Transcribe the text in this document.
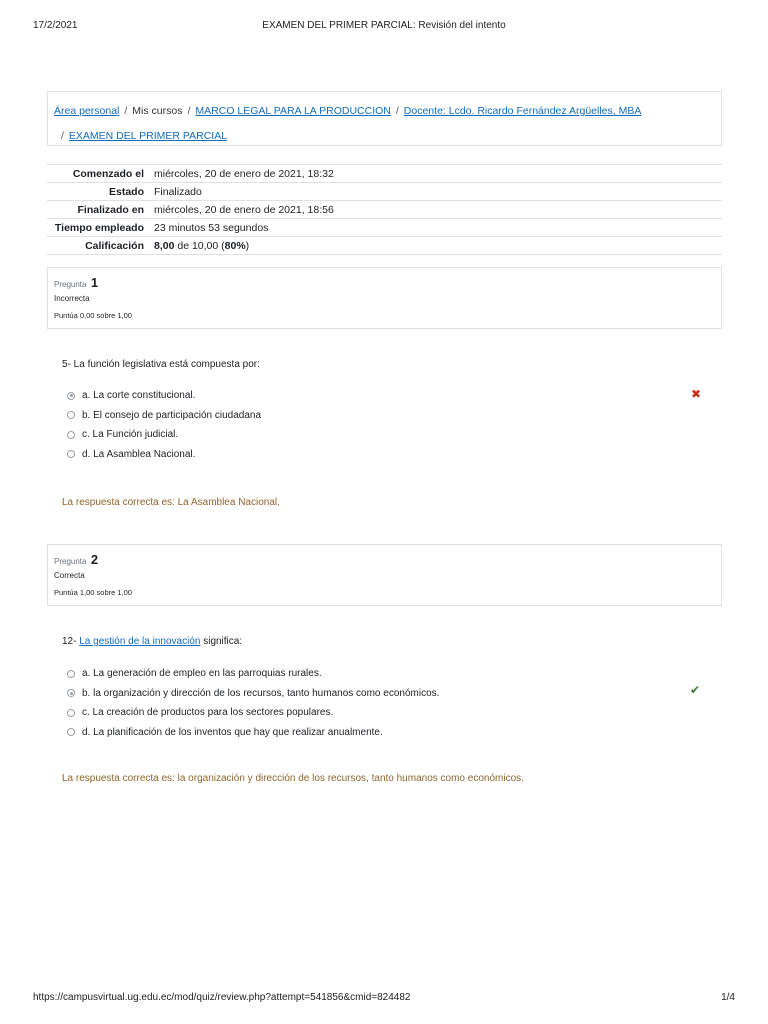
17/2/2021	EXAMEN DEL PRIMER PARCIAL: Revisión del intento
Área personal / Mis cursos / MARCO LEGAL PARA LA PRODUCCION / Docente: Lcdo. Ricardo Fernández Argüelles, MBA
/ EXAMEN DEL PRIMER PARCIAL
Comenzado el	miércoles, 20 de enero de 2021, 18:32
Estado	Finalizado
Finalizado en	miércoles, 20 de enero de 2021, 18:56
Tiempo empleado	23 minutos 53 segundos
Calificación	8,00 de 10,00 (80%)
Pregunta 1
Incorrecta
Puntúa 0,00 sobre 1,00
5- La función legislativa está compuesta por:
a. La corte constitucional.
b. El consejo de participación ciudadana
c. La Función judicial.
d. La Asamblea Nacional.
✖
La respuesta correcta es: La Asamblea Nacional.
Pregunta 2
Correcta
Puntúa 1,00 sobre 1,00
12- La gestión de la innovación significa:
a. La generación de empleo en las parroquias rurales.
b. la organización y dirección de los recursos, tanto humanos como económicos.
c. La creación de productos para los sectores populares.
d. La planificación de los inventos que hay que realizar anualmente.
✔
La respuesta correcta es: la organización y dirección de los recursos, tanto humanos como económicos.
https://campusvirtual.ug.edu.ec/mod/quiz/review.php?attempt=541856&cmid=824482	1/4
